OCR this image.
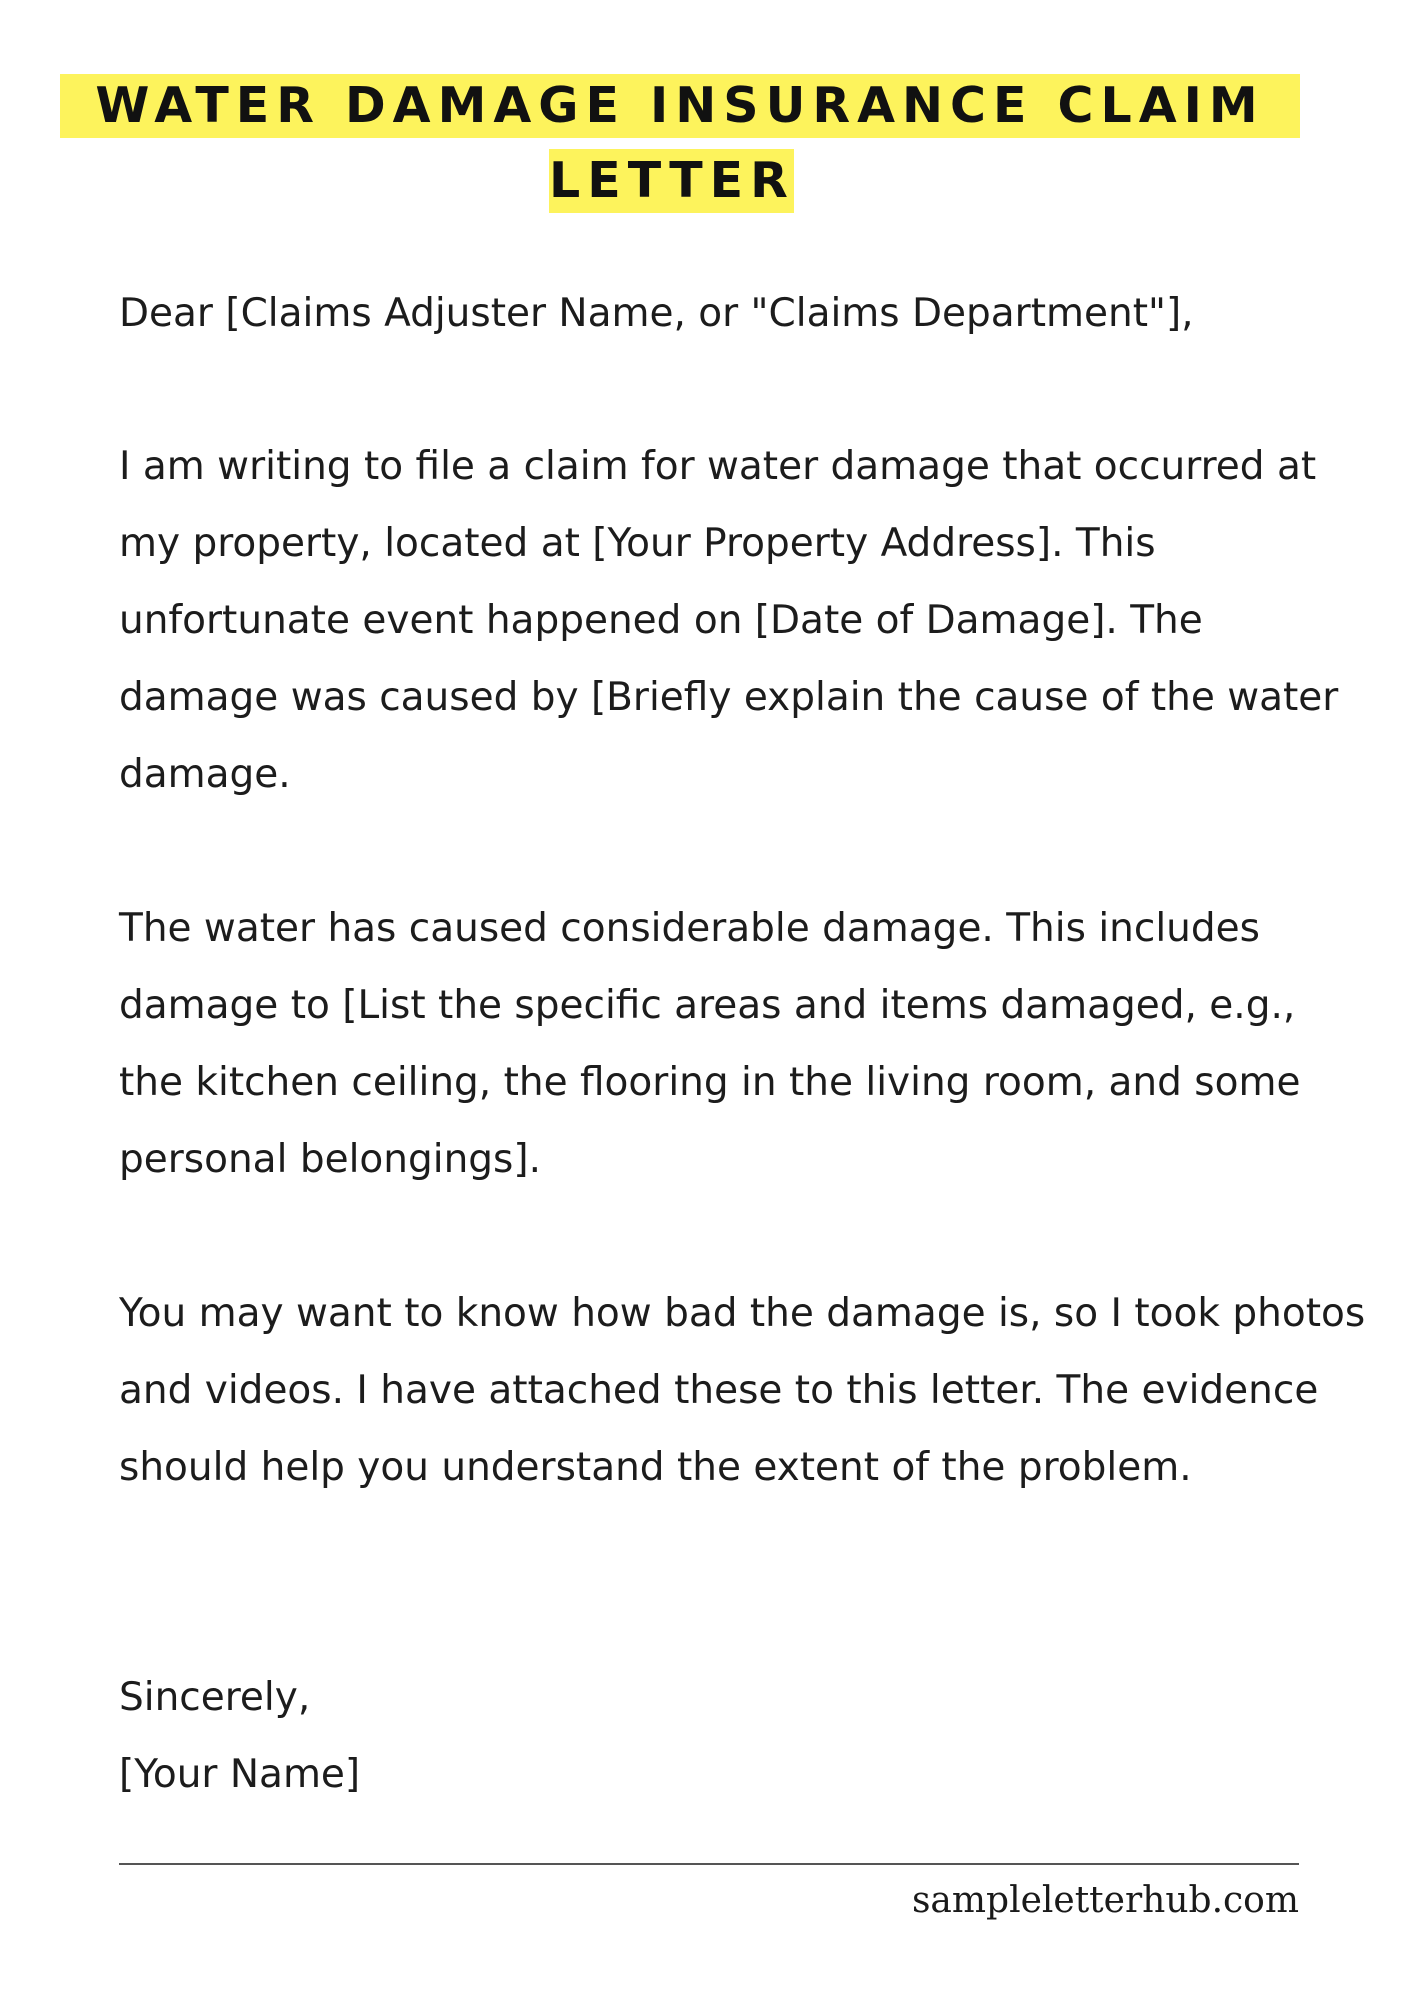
WATER DAMAGE INSURANCE CLAIM
LETTER

Dear [Claims Adjuster Name, or "Claims Department"],

I am writing to file a claim for water damage that occurred at my property, located at [Your Property Address]. This unfortunate event happened on [Date of Damage]. The damage was caused by [Briefly explain the cause of the water damage.

The water has caused considerable damage. This includes damage to [List the specific areas and items damaged, e.g., the kitchen ceiling, the flooring in the living room, and some personal belongings].

You may want to know how bad the damage is, so I took photos and videos. I have attached these to this letter. The evidence should help you understand the extent of the problem.

Sincerely,

[Your Name]

sampleletterhub.com
